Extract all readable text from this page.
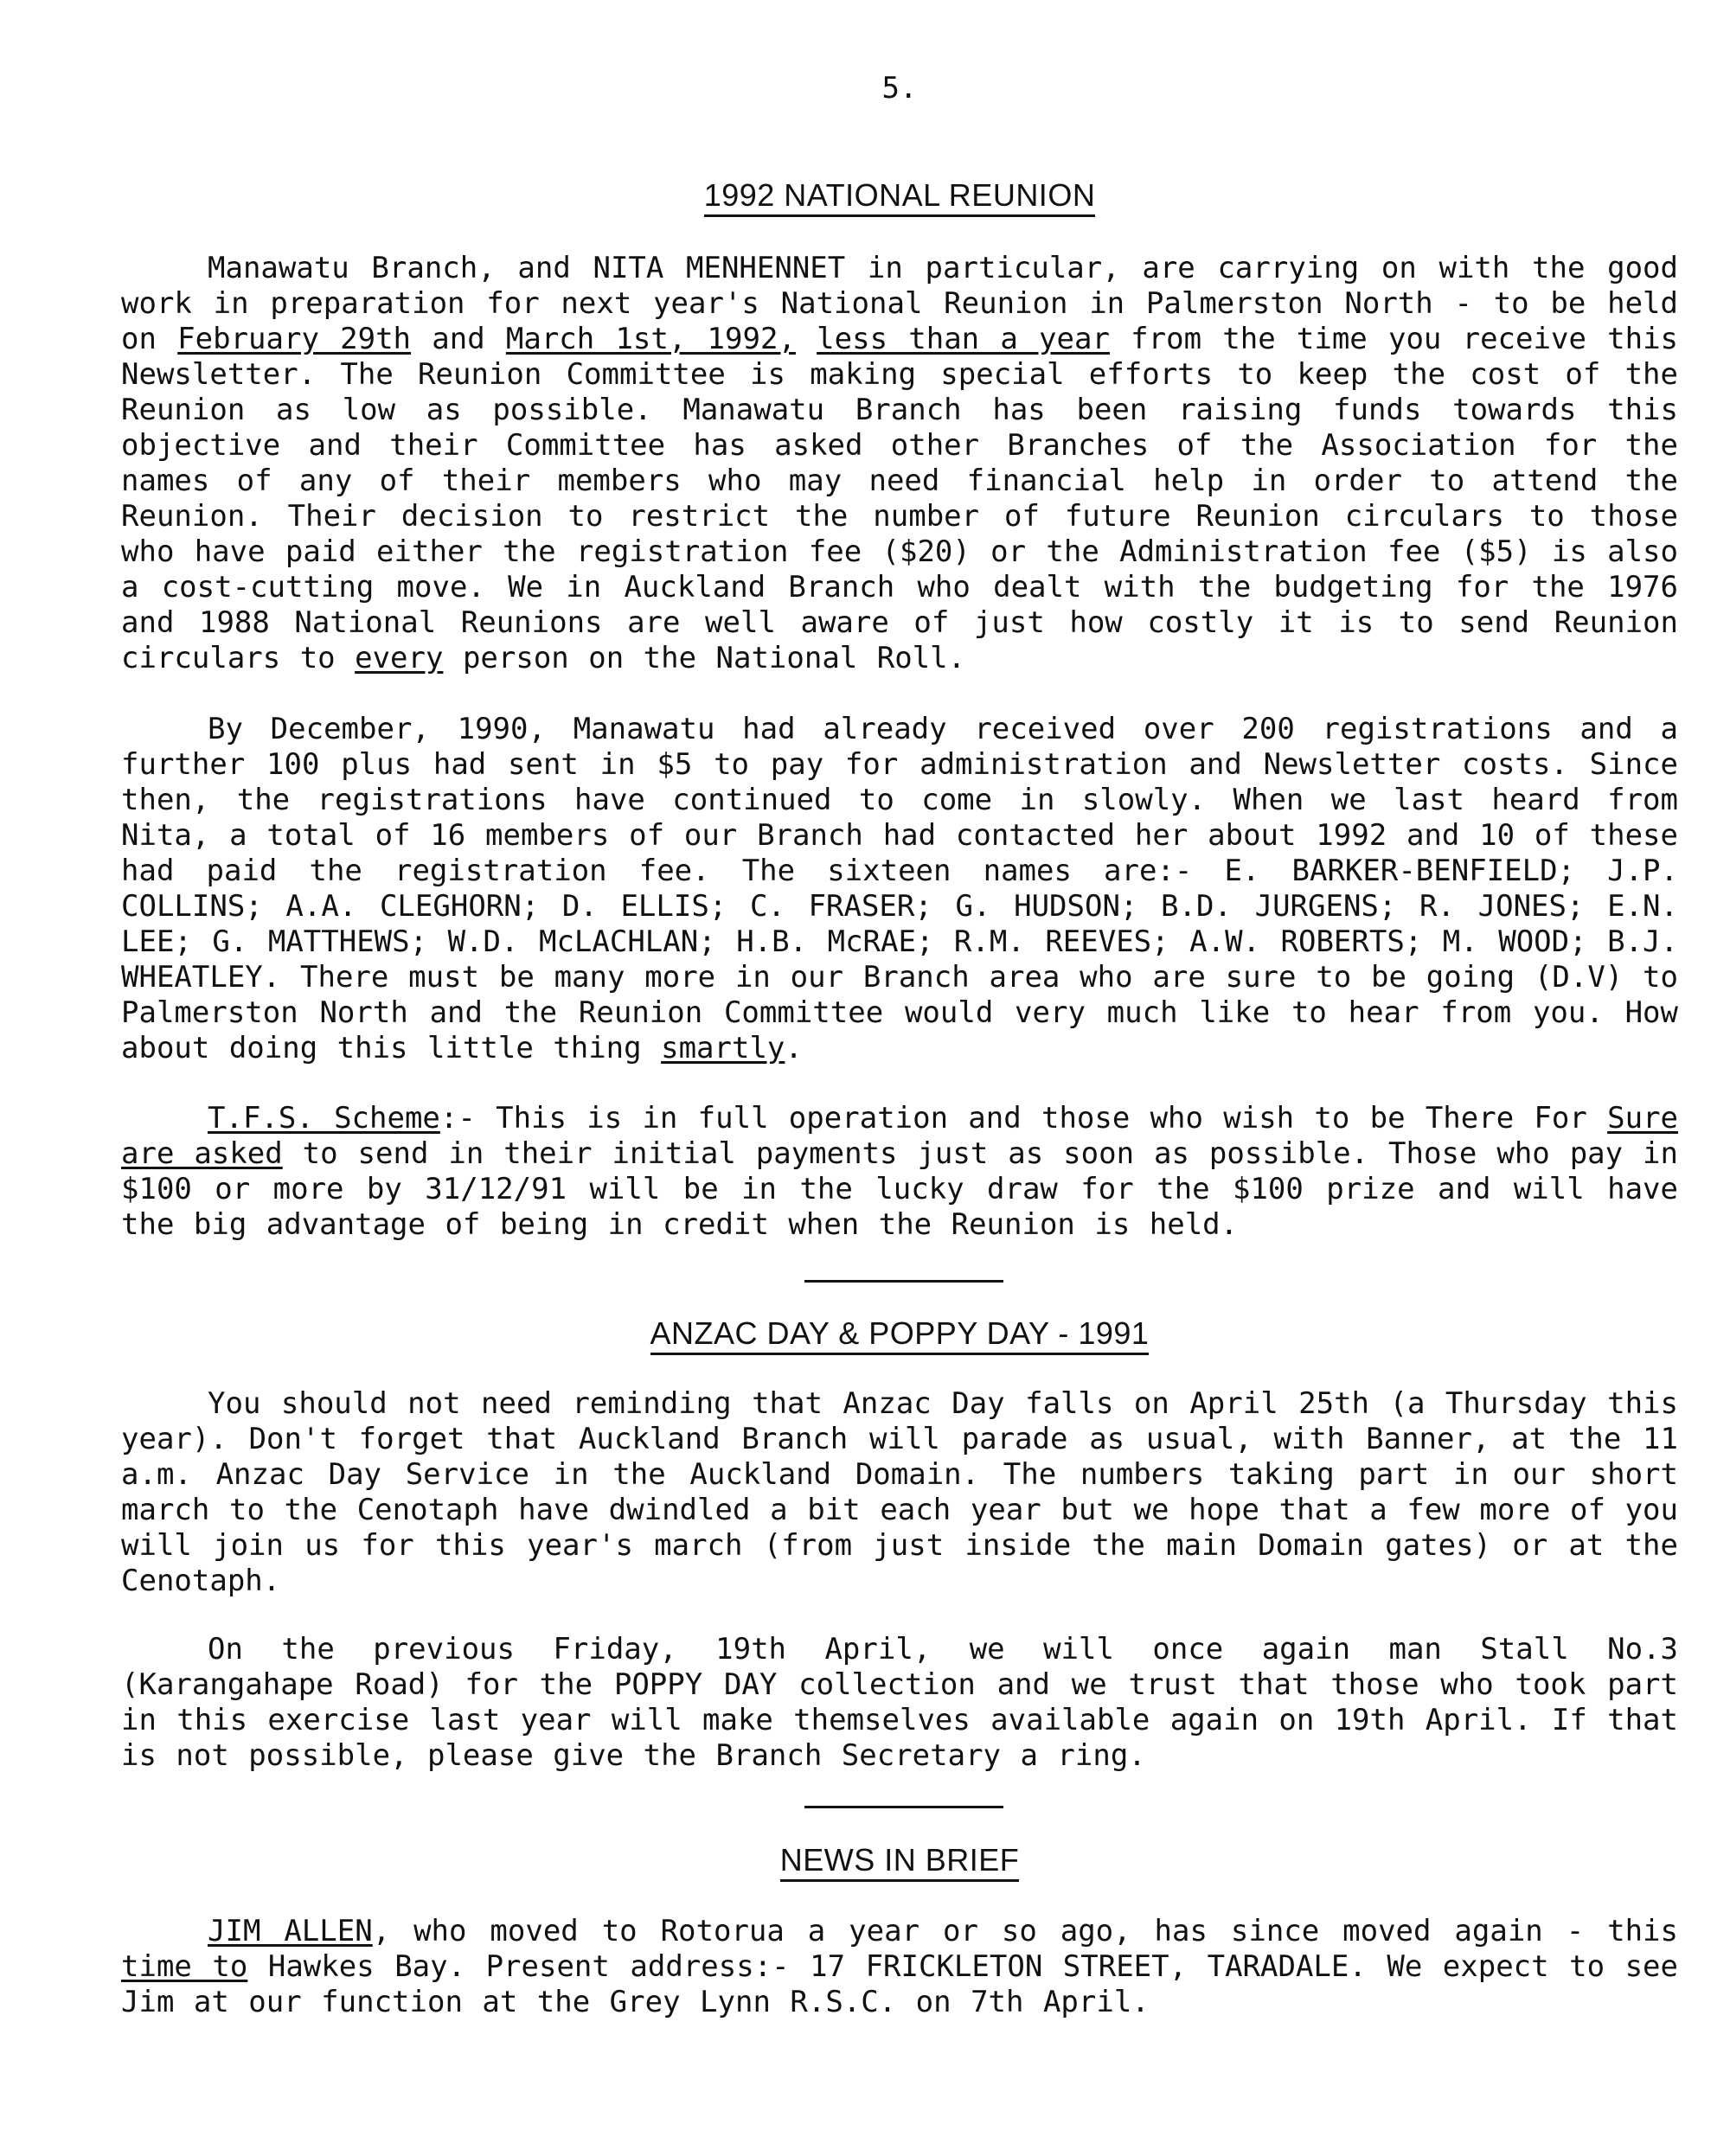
5.
1992 NATIONAL REUNION

Manawatu Branch, and NITA MENHENNET in particular, are carrying on with the good work in preparation for next year's National Reunion in Palmerston North - to be held on February 29th and March 1st, 1992, less than a year from the time you receive this Newsletter. The Reunion Committee is making special efforts to keep the cost of the Reunion as low as possible. Manawatu Branch has been raising funds towards this objective and their Committee has asked other Branches of the Association for the names of any of their members who may need financial help in order to attend the Reunion. Their decision to restrict the number of future Reunion circulars to those who have paid either the registration fee ($20) or the Administration fee ($5) is also a cost-cutting move. We in Auckland Branch who dealt with the budgeting for the 1976 and 1988 National Reunions are well aware of just how costly it is to send Reunion circulars to every person on the National Roll.

By December, 1990, Manawatu had already received over 200 registrations and a further 100 plus had sent in $5 to pay for administration and Newsletter costs. Since then, the registrations have continued to come in slowly. When we last heard from Nita, a total of 16 members of our Branch had contacted her about 1992 and 10 of these had paid the registration fee. The sixteen names are:- E. BARKER-BENFIELD; J.P. COLLINS; A.A. CLEGHORN; D. ELLIS; C. FRASER; G. HUDSON; B.D. JURGENS; R. JONES; E.N. LEE; G. MATTHEWS; W.D. McLACHLAN; H.B. McRAE; R.M. REEVES; A.W. ROBERTS; M. WOOD; B.J. WHEATLEY. There must be many more in our Branch area who are sure to be going (D.V) to Palmerston North and the Reunion Committee would very much like to hear from you. How about doing this little thing smartly.

T.F.S. Scheme:- This is in full operation and those who wish to be There For Sure are asked to send in their initial payments just as soon as possible. Those who pay in $100 or more by 31/12/91 will be in the lucky draw for the $100 prize and will have the big advantage of being in credit when the Reunion is held.

ANZAC DAY & POPPY DAY - 1991

You should not need reminding that Anzac Day falls on April 25th (a Thursday this year). Don't forget that Auckland Branch will parade as usual, with Banner, at the 11 a.m. Anzac Day Service in the Auckland Domain. The numbers taking part in our short march to the Cenotaph have dwindled a bit each year but we hope that a few more of you will join us for this year's march (from just inside the main Domain gates) or at the Cenotaph.

On the previous Friday, 19th April, we will once again man Stall No.3 (Karangahape Road) for the POPPY DAY collection and we trust that those who took part in this exercise last year will make themselves available again on 19th April. If that is not possible, please give the Branch Secretary a ring.

NEWS IN BRIEF

JIM ALLEN, who moved to Rotorua a year or so ago, has since moved again - this time to Hawkes Bay. Present address:- 17 FRICKLETON STREET, TARADALE. We expect to see Jim at our function at the Grey Lynn R.S.C. on 7th April.
